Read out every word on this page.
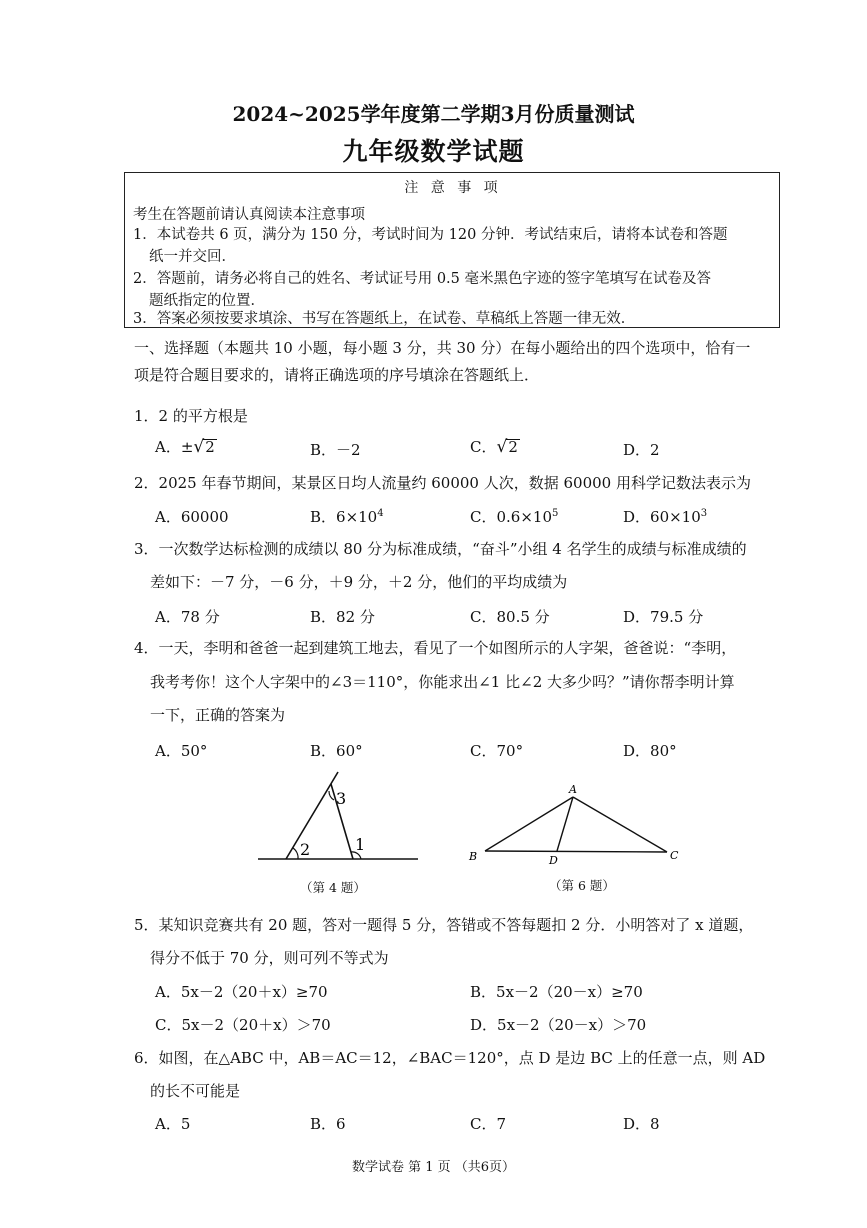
2024~2025学年度第二学期3月份质量测试
九年级数学试题
注 意 事 项
考生在答题前请认真阅读本注意事项
1．本试卷共 6 页，满分为 150 分，考试时间为 120 分钟．考试结束后，请将本试卷和答题
纸一并交回．
2．答题前，请务必将自己的姓名、考试证号用 0.5 毫米黑色字迹的签字笔填写在试卷及答
题纸指定的位置．
3．答案必须按要求填涂、书写在答题纸上，在试卷、草稿纸上答题一律无效．
一、选择题（本题共 10 小题，每小题 3 分，共 30 分）在每小题给出的四个选项中，恰有一
项是符合题目要求的，请将正确选项的序号填涂在答题纸上．
1．2 的平方根是
A．±√2	B．－2	C．√2	D．2
2．2025 年春节期间，某景区日均人流量约 60000 人次，数据 60000 用科学记数法表示为
A．60000	B．$6\times 10^4$	C．$0.6\times 10^5$	D．$60\times 10^3$
3．一次数学达标检测的成绩以 80 分为标准成绩，“奋斗”小组 4 名学生的成绩与标准成绩的
差如下：－7 分，－6 分，＋9 分，＋2 分，他们的平均成绩为
A．78 分	B．82 分	C．80.5 分	D．79.5 分
4．一天，李明和爸爸一起到建筑工地去，看见了一个如图所示的人字架，爸爸说：“李明，
我考考你！这个人字架中的∠3＝110°，你能求出∠1 比∠2 大多少吗？”请你帮李明计算
一下，正确的答案为
A．50°	B．60°	C．70°	D．80°
3
2	1
（第 4 题）
A
B	D	C
（第 6 题）
5．某知识竞赛共有 20 题，答对一题得 5 分，答错或不答每题扣 2 分．小明答对了 x 道题，
得分不低于 70 分，则可列不等式为
A．5x－2（20＋x）≥70	B．5x－2（20－x）≥70
C．5x－2（20＋x）＞70	D．5x－2（20－x）＞70
6．如图，在△ABC 中，AB＝AC＝12，∠BAC＝120°，点 D 是边 BC 上的任意一点，则 AD
的长不可能是
A．5	B．6	C．7	D．8
数学试卷 第 1 页 （共6页）
